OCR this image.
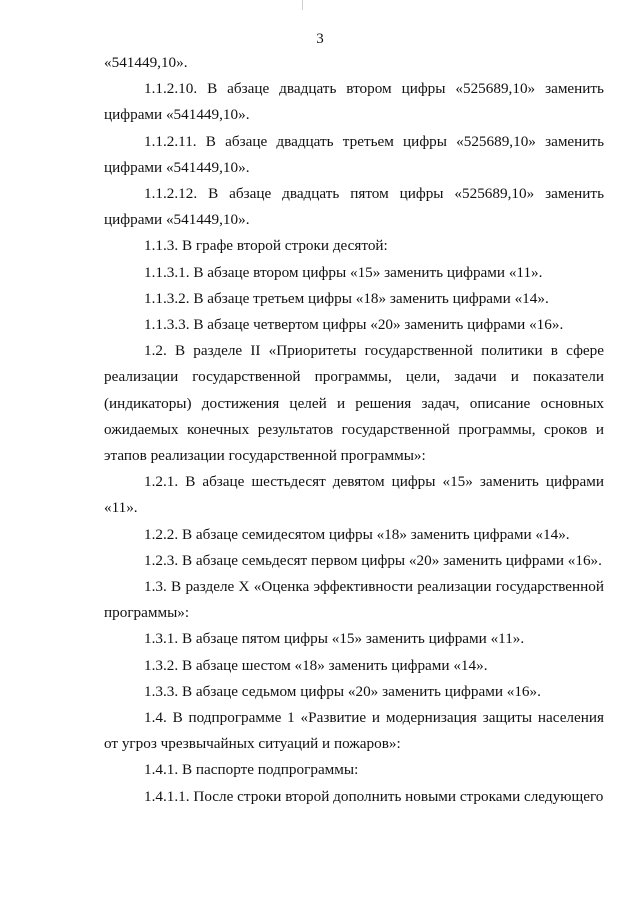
3

«541449,10».

1.1.2.10. В абзаце двадцать втором цифры «525689,10» заменить цифрами «541449,10».

1.1.2.11. В абзаце двадцать третьем цифры «525689,10» заменить цифрами «541449,10».

1.1.2.12. В абзаце двадцать пятом цифры «525689,10» заменить цифрами «541449,10».

1.1.3. В графе второй строки десятой:

1.1.3.1. В абзаце втором цифры «15» заменить цифрами «11».

1.1.3.2. В абзаце третьем цифры «18» заменить цифрами «14».

1.1.3.3. В абзаце четвертом цифры «20» заменить цифрами «16».

1.2. В разделе II «Приоритеты государственной политики в сфере реализации государственной программы, цели, задачи и показатели (индикаторы) достижения целей и решения задач, описание основных ожидаемых конечных результатов государственной программы, сроков и этапов реализации государственной программы»:

1.2.1. В абзаце шестьдесят девятом цифры «15» заменить цифрами «11».

1.2.2. В абзаце семидесятом цифры «18» заменить цифрами «14».

1.2.3. В абзаце семьдесят первом цифры «20» заменить цифрами «16».

1.3. В разделе Х «Оценка эффективности реализации государственной программы»:

1.3.1. В абзаце пятом цифры «15» заменить цифрами «11».

1.3.2. В абзаце шестом «18» заменить цифрами «14».

1.3.3. В абзаце седьмом цифры «20» заменить цифрами «16».

1.4. В подпрограмме 1 «Развитие и модернизация защиты населения от угроз чрезвычайных ситуаций и пожаров»:

1.4.1. В паспорте подпрограммы:

1.4.1.1. После строки второй дополнить новыми строками следующего
